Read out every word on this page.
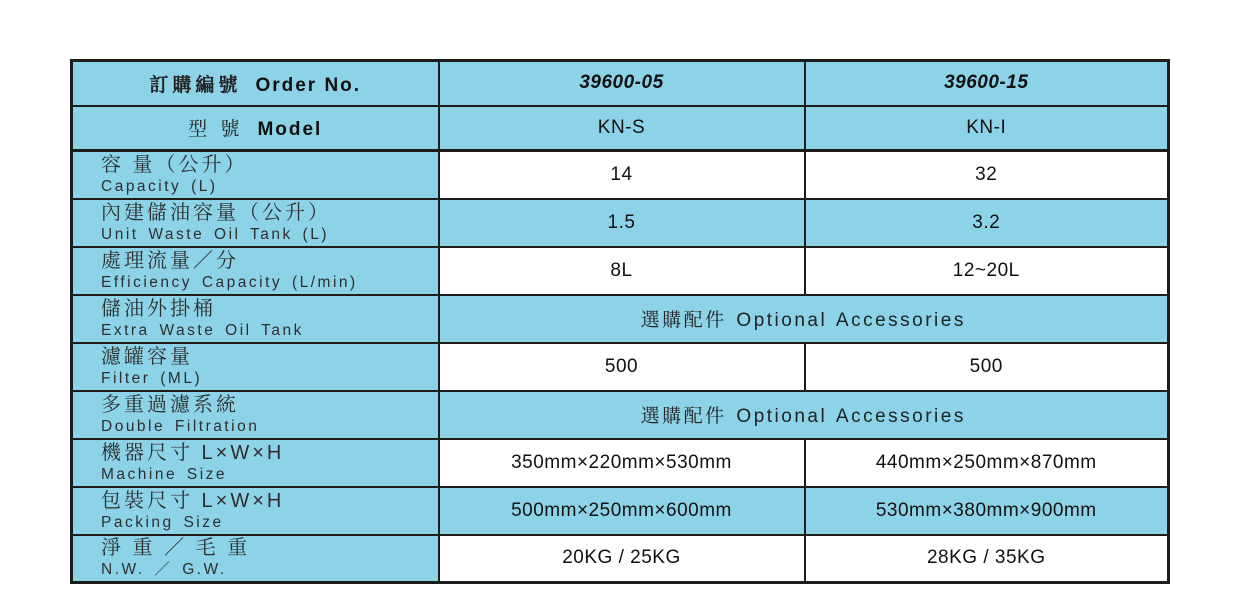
訂購編號 Order No.	39600-05	39600-15
型 號 Model	KN-S	KN-I

容 量（公升）
Capacity (L)	14	32

內建儲油容量（公升）
Unit Waste Oil Tank (L)	1.5	3.2

處理流量／分
Efficiency Capacity (L/min)	8L	12~20L

儲油外掛桶
Extra Waste Oil Tank	選購配件 Optional Accessories	

濾罐容量
Filter (ML)	500	500

多重過濾系統
Double Filtration	選購配件 Optional Accessories	

機器尺寸 L×W×H
Machine Size	350mm×220mm×530mm	440mm×250mm×870mm

包裝尺寸 L×W×H
Packing Size	500mm×250mm×600mm	530mm×380mm×900mm

淨 重 ／ 毛 重
N.W. ／ G.W.	20KG / 25KG	28KG / 35KG
